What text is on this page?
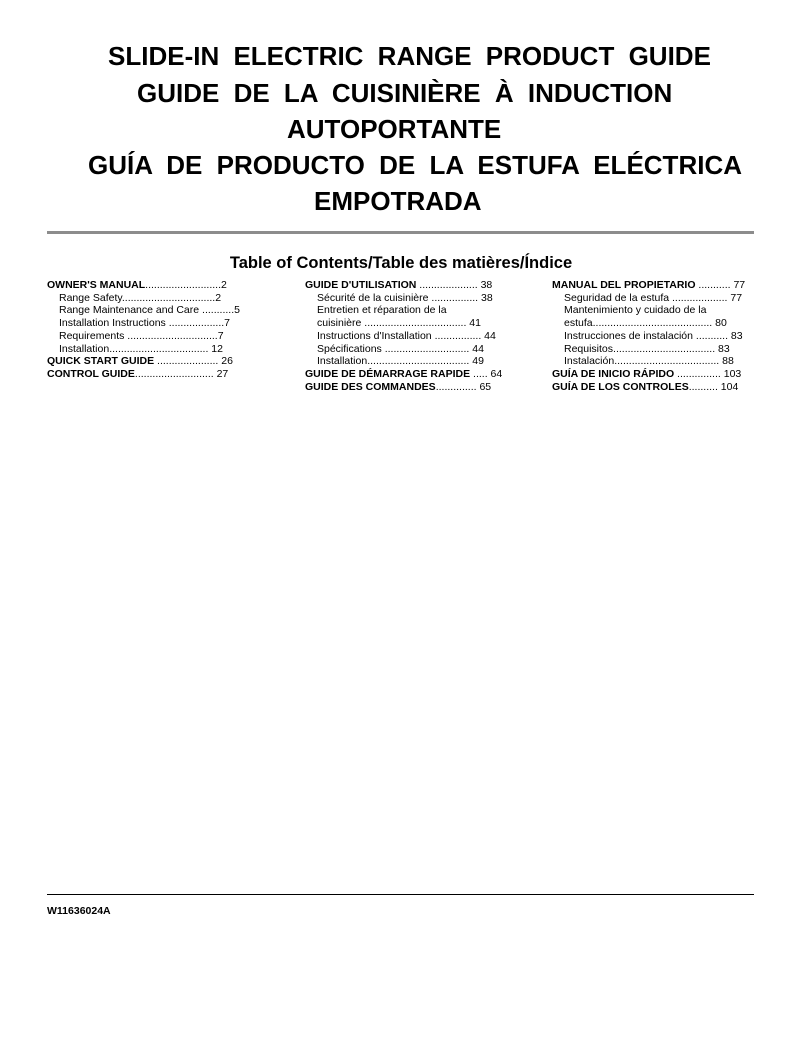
SLIDE-IN ELECTRIC RANGE PRODUCT GUIDE
GUIDE DE LA CUISINIÈRE À INDUCTION
AUTOPORTANTE
GUÍA DE PRODUCTO DE LA ESTUFA ELÉCTRICA
EMPOTRADA
Table of Contents/Table des matières/Índice
OWNER'S MANUAL..........................2
Range Safety................................2
Range Maintenance and Care ...........5
Installation Instructions ...................7
Requirements ...............................7
Installation.................................. 12
QUICK START GUIDE ..................... 26
CONTROL GUIDE........................... 27
GUIDE D'UTILISATION .................... 38
Sécurité de la cuisinière ................ 38
Entretien et réparation de la
cuisinière ................................... 41
Instructions d'Installation ................ 44
Spécifications ............................. 44
Installation................................... 49
GUIDE DE DÉMARRAGE RAPIDE ..... 64
GUIDE DES COMMANDES.............. 65
MANUAL DEL PROPIETARIO ........... 77
Seguridad de la estufa ................... 77
Mantenimiento y cuidado de la
estufa......................................... 80
Instrucciones de instalación ........... 83
Requisitos................................... 83
Instalación.................................... 88
GUÍA DE INICIO RÁPIDO ............... 103
GUÍA DE LOS CONTROLES.......... 104
W11636024A
